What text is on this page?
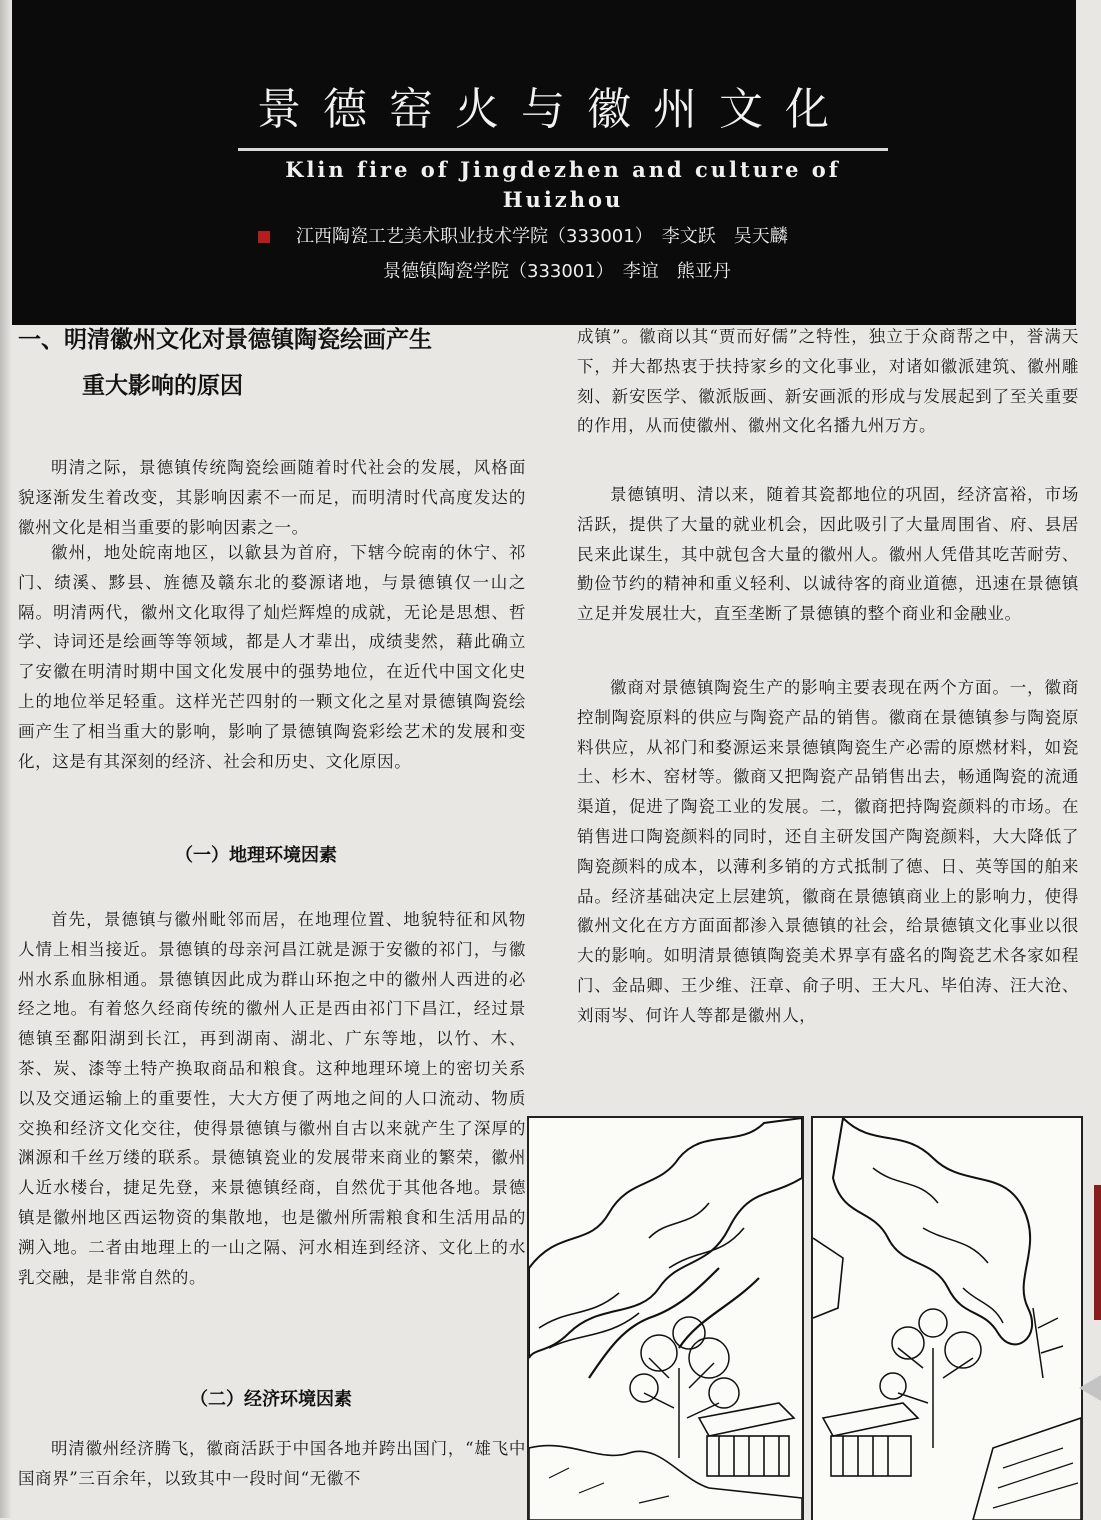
景德窑火与徽州文化
Klin fire of Jingdezhen and culture of Huizhou
江西陶瓷工艺美术职业技术学院（333001）　李文跃　吴天麟
景德镇陶瓷学院（333001）　李谊　熊亚丹
一、明清徽州文化对景德镇陶瓷绘画产生
重大影响的原因

明清之际，景德镇传统陶瓷绘画随着时代社会的发展，风格面貌逐渐发生着改变，其影响因素不一而足，而明清时代高度发达的徽州文化是相当重要的影响因素之一。

徽州，地处皖南地区，以歙县为首府，下辖今皖南的休宁、祁门、绩溪、黟县、旌德及赣东北的婺源诸地，与景德镇仅一山之隔。明清两代，徽州文化取得了灿烂辉煌的成就，无论是思想、哲学、诗词还是绘画等等领域，都是人才辈出，成绩斐然，藉此确立了安徽在明清时期中国文化发展中的强势地位，在近代中国文化史上的地位举足轻重。这样光芒四射的一颗文化之星对景德镇陶瓷绘画产生了相当重大的影响，影响了景德镇陶瓷彩绘艺术的发展和变化，这是有其深刻的经济、社会和历史、文化原因。

（一）地理环境因素

首先，景德镇与徽州毗邻而居，在地理位置、地貌特征和风物人情上相当接近。景德镇的母亲河昌江就是源于安徽的祁门，与徽州水系血脉相通。景德镇因此成为群山环抱之中的徽州人西进的必经之地。有着悠久经商传统的徽州人正是西由祁门下昌江，经过景德镇至鄱阳湖到长江，再到湖南、湖北、广东等地，以竹、木、茶、炭、漆等土特产换取商品和粮食。这种地理环境上的密切关系以及交通运输上的重要性，大大方便了两地之间的人口流动、物质交换和经济文化交往，使得景德镇与徽州自古以来就产生了深厚的渊源和千丝万缕的联系。景德镇瓷业的发展带来商业的繁荣，徽州人近水楼台，捷足先登，来景德镇经商，自然优于其他各地。景德镇是徽州地区西运物资的集散地，也是徽州所需粮食和生活用品的溯入地。二者由地理上的一山之隔、河水相连到经济、文化上的水乳交融，是非常自然的。

（二）经济环境因素

明清徽州经济腾飞，徽商活跃于中国各地并跨出国门，“雄飞中国商界”三百余年，以致其中一段时间“无徽不

成镇”。徽商以其“贾而好儒”之特性，独立于众商帮之中，誉满天下，并大都热衷于扶持家乡的文化事业，对诸如徽派建筑、徽州雕刻、新安医学、徽派版画、新安画派的形成与发展起到了至关重要的作用，从而使徽州、徽州文化名播九州万方。

景德镇明、清以来，随着其瓷都地位的巩固，经济富裕，市场活跃，提供了大量的就业机会，因此吸引了大量周围省、府、县居民来此谋生，其中就包含大量的徽州人。徽州人凭借其吃苦耐劳、勤俭节约的精神和重义轻利、以诚待客的商业道德，迅速在景德镇立足并发展壮大，直至垄断了景德镇的整个商业和金融业。

徽商对景德镇陶瓷生产的影响主要表现在两个方面。一，徽商控制陶瓷原料的供应与陶瓷产品的销售。徽商在景德镇参与陶瓷原料供应，从祁门和婺源运来景德镇陶瓷生产必需的原燃材料，如瓷土、杉木、窑材等。徽商又把陶瓷产品销售出去，畅通陶瓷的流通渠道，促进了陶瓷工业的发展。二，徽商把持陶瓷颜料的市场。在销售进口陶瓷颜料的同时，还自主研发国产陶瓷颜料，大大降低了陶瓷颜料的成本，以薄利多销的方式抵制了德、日、英等国的舶来品。经济基础决定上层建筑，徽商在景德镇商业上的影响力，使得徽州文化在方方面面都渗入景德镇的社会，给景德镇文化事业以很大的影响。如明清景德镇陶瓷美术界享有盛名的陶瓷艺术各家如程门、金品卿、王少维、汪章、俞子明、王大凡、毕伯涛、汪大沧、刘雨岑、何许人等都是徽州人，
